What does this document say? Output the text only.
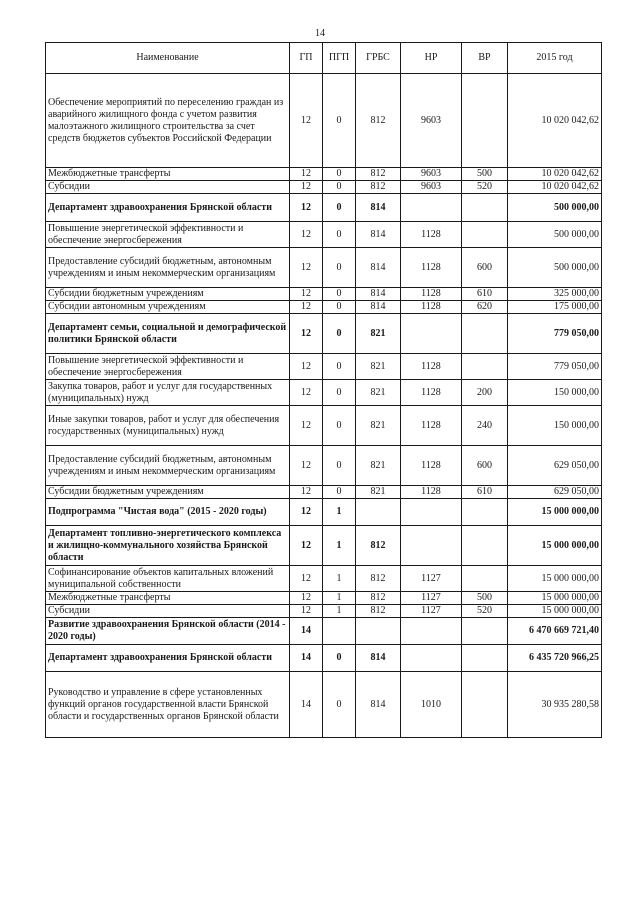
14
Наименование	ГП	ПГП	ГРБС	НР	ВР	2015 год
Обеспечение мероприятий по переселению граждан из аварийного жилищного фонда с учетом развития малоэтажного жилищного строительства за счет средств бюджетов субъектов Российской Федерации	12	0	812	9603		10 020 042,62
Межбюджетные трансферты	12	0	812	9603	500	10 020 042,62
Субсидии	12	0	812	9603	520	10 020 042,62
Департамент здравоохранения Брянской области	12	0	814			500 000,00
Повышение энергетической эффективности и обеспечение энергосбережения	12	0	814	1128		500 000,00
Предоставление субсидий бюджетным, автономным учреждениям и иным некоммерческим организациям	12	0	814	1128	600	500 000,00
Субсидии бюджетным учреждениям	12	0	814	1128	610	325 000,00
Субсидии автономным учреждениям	12	0	814	1128	620	175 000,00
Департамент семьи, социальной и демографической политики Брянской области	12	0	821			779 050,00
Повышение энергетической эффективности и обеспечение энергосбережения	12	0	821	1128		779 050,00
Закупка товаров, работ и услуг для государственных (муниципальных) нужд	12	0	821	1128	200	150 000,00
Иные закупки товаров, работ и услуг для обеспечения государственных (муниципальных) нужд	12	0	821	1128	240	150 000,00
Предоставление субсидий бюджетным, автономным учреждениям и иным некоммерческим организациям	12	0	821	1128	600	629 050,00
Субсидии бюджетным учреждениям	12	0	821	1128	610	629 050,00
Подпрограмма "Чистая вода" (2015 - 2020 годы)	12	1				15 000 000,00
Департамент топливно-энергетического комплекса и жилищно-коммунального хозяйства Брянской области	12	1	812			15 000 000,00
Софинансирование объектов капитальных вложений муниципальной собственности	12	1	812	1127		15 000 000,00
Межбюджетные трансферты	12	1	812	1127	500	15 000 000,00
Субсидии	12	1	812	1127	520	15 000 000,00
Развитие здравоохранения Брянской области (2014 - 2020 годы)	14					6 470 669 721,40
Департамент здравоохранения Брянской области	14	0	814			6 435 720 966,25
Руководство и управление в сфере установленных функций органов государственной власти Брянской области и государственных органов Брянской области	14	0	814	1010		30 935 280,58
